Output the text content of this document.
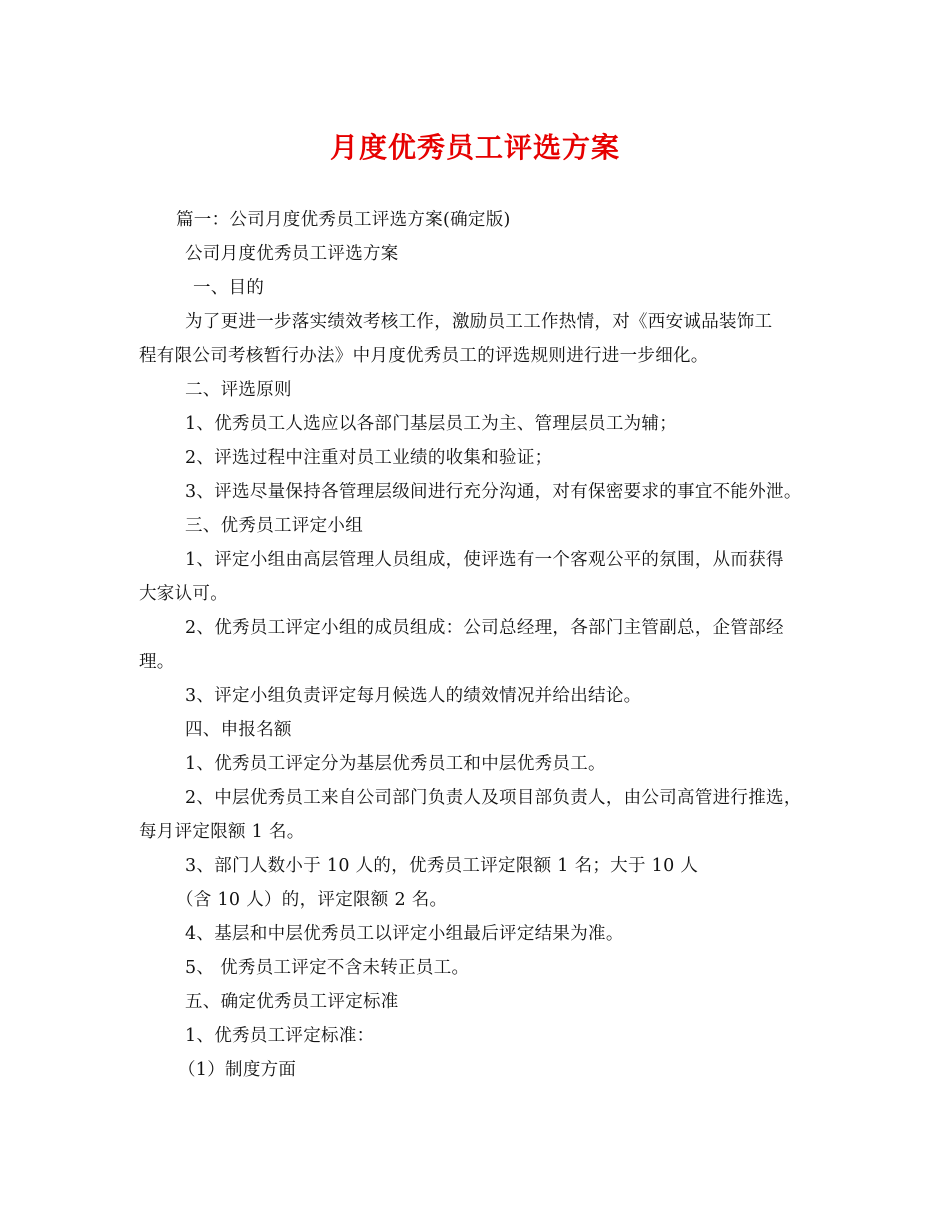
月度优秀员工评选方案
篇一：公司月度优秀员工评选方案(确定版)
公司月度优秀员工评选方案
一、目的
为了更进一步落实绩效考核工作，激励员工工作热情，对《西安诚品装饰工
程有限公司考核暂行办法》中月度优秀员工的评选规则进行进一步细化。
二、评选原则
1、优秀员工人选应以各部门基层员工为主、管理层员工为辅；
2、评选过程中注重对员工业绩的收集和验证；
3、评选尽量保持各管理层级间进行充分沟通，对有保密要求的事宜不能外泄。
三、优秀员工评定小组
1、评定小组由高层管理人员组成，使评选有一个客观公平的氛围，从而获得
大家认可。
2、优秀员工评定小组的成员组成：公司总经理，各部门主管副总，企管部经
理。
3、评定小组负责评定每月候选人的绩效情况并给出结论。
四、申报名额
1、优秀员工评定分为基层优秀员工和中层优秀员工。
2、中层优秀员工来自公司部门负责人及项目部负责人，由公司高管进行推选，
每月评定限额 1 名。
3、部门人数小于 10 人的，优秀员工评定限额 1 名；大于 10 人
（含 10 人）的，评定限额 2 名。
4、基层和中层优秀员工以评定小组最后评定结果为准。
5、 优秀员工评定不含未转正员工。
五、确定优秀员工评定标准
1、优秀员工评定标准：
（1）制度方面
